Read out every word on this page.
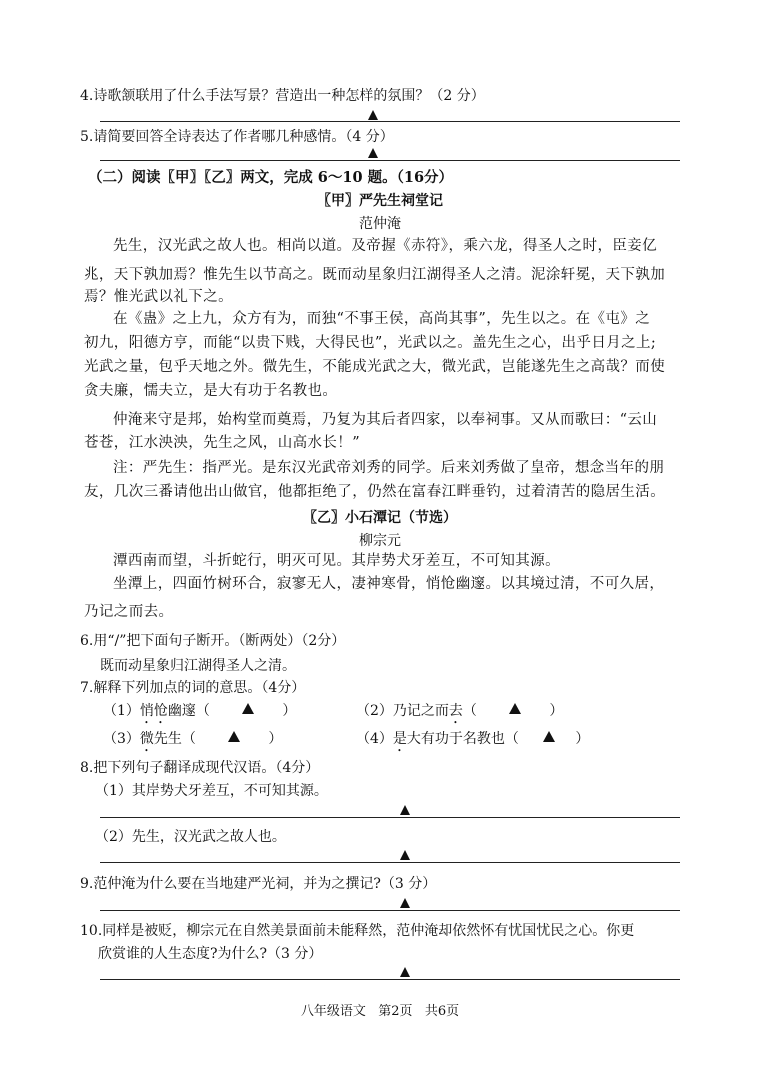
4.诗歌颔联用了什么手法写景？营造出一种怎样的氛围？（2 分）
5.请简要回答全诗表达了作者哪几种感情。（4 分）
（二）阅读〖甲〗〖乙〗两文，完成 6～10 题。（16分）
〖甲〗严先生祠堂记
范仲淹
先生，汉光武之故人也。相尚以道。及帝握《赤符》，乘六龙，得圣人之时，臣妾亿
兆，天下孰加焉？惟先生以节高之。既而动星象归江湖得圣人之清。泥涂轩冕，天下孰加
焉？惟光武以礼下之。
在《蛊》之上九，众方有为，而独“不事王侯，高尚其事”，先生以之。在《屯》之
初九，阳德方亨，而能“以贵下贱，大得民也”，光武以之。盖先生之心，出乎日月之上;
光武之量，包乎天地之外。微先生，不能成光武之大，微光武，岂能遂先生之高哉？而使
贪夫廉，懦夫立，是大有功于名教也。
仲淹来守是邦，始构堂而奠焉，乃复为其后者四家，以奉祠事。又从而歌曰：“云山
苍苍，江水泱泱，先生之风，山高水长！”
注：严先生：指严光。是东汉光武帝刘秀的同学。后来刘秀做了皇帝，想念当年的朋
友，几次三番请他出山做官，他都拒绝了，仍然在富春江畔垂钓，过着清苦的隐居生活。
〖乙〗小石潭记（节选）
柳宗元
潭西南而望，斗折蛇行，明灭可见。其岸势犬牙差互，不可知其源。
坐潭上，四面竹树环合，寂寥无人，凄神寒骨，悄怆幽邃。以其境过清，不可久居，
乃记之而去。
6.用“/”把下面句子断开。（断两处）（2分）
既而动星象归江湖得圣人之清。
7.解释下列加点的词的意思。（4分）
（1）悄怆幽邃（	）	（2）乃记之而去（	）
（3）微先生（	）	（4）是大有功于名教也（	）
8.把下列句子翻译成现代汉语。（4分）
（1）其岸势犬牙差互，不可知其源。
（2）先生，汉光武之故人也。
9.范仲淹为什么要在当地建严光祠，并为之撰记?（3 分）
10.同样是被贬，柳宗元在自然美景面前未能释然，范仲淹却依然怀有忧国忧民之心。你更
欣赏谁的人生态度?为什么?（3 分）
八年级语文   第2页   共6页
